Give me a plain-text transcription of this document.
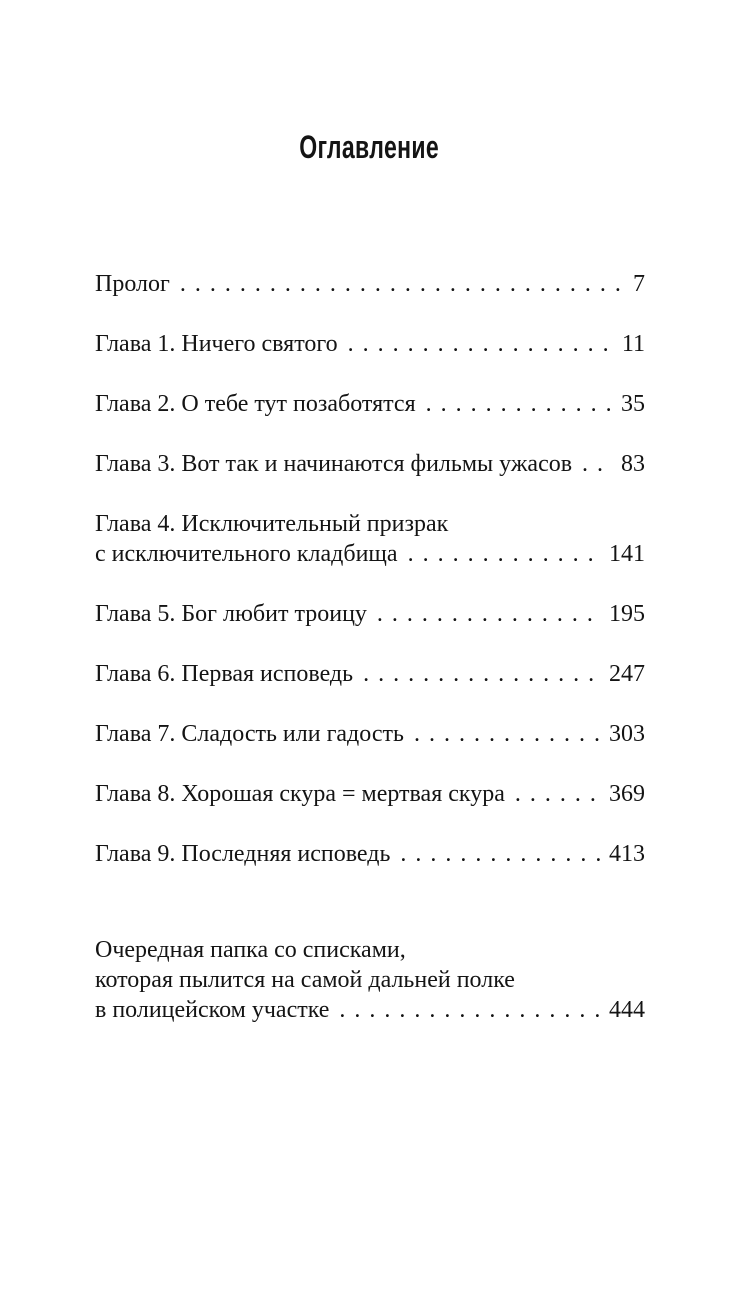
Оглавление
Пролог .....	7
Глава 1. Ничего святого .....	11
Глава 2. О тебе тут позаботятся .....	35
Глава 3. Вот так и начинаются фильмы ужасов ..... 83
Глава 4. Исключительный призрак
с исключительного кладбища .....	141
Глава 5. Бог любит троицу .....	195
Глава 6. Первая исповедь .....	247
Глава 7. Сладость или гадость .....	303
Глава 8. Хорошая скура = мертвая скура .....	369
Глава 9. Последняя исповедь .....	413
Очередная папка со списками,
которая пылится на самой дальней полке
в полицейском участке .....	444
